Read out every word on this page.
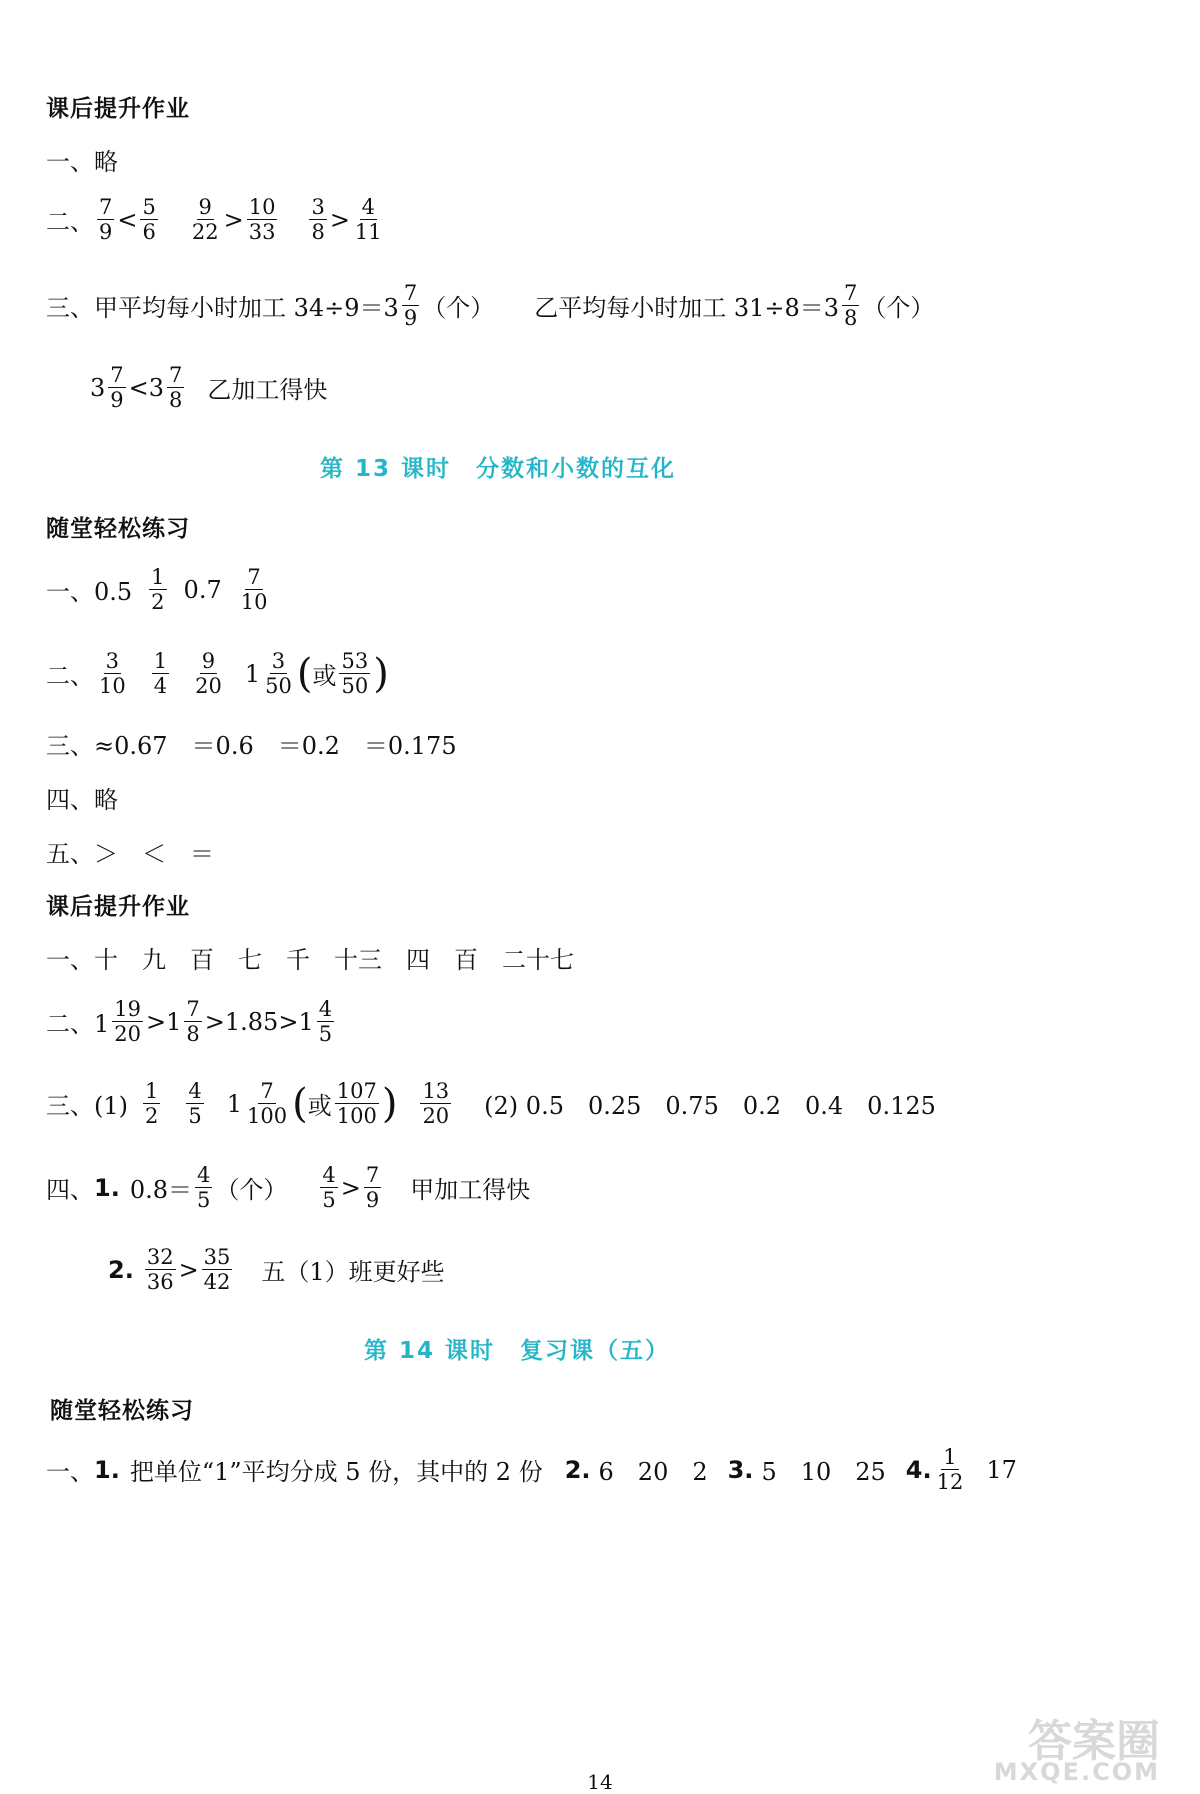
课后提升作业
一、略
二、 $\frac{7}{9} < \frac{5}{6} \frac{9}{22} > \frac{10}{33} \frac{3}{8} > \frac{4}{11}$
三、甲平均每小时加工 $34\div 9=3 \frac{7}{9}$ （个） 乙平均每小时加工 $31\div 8=3 \frac{7}{8}$ （个）
$3 \frac{7}{9} <3 \frac{7}{8}$ 乙加工得快
第 13 课时　分数和小数的互化
随堂轻松练习
一、$0.5 \frac{1}{2} 0.7 \frac{7}{10}$
二、 $\frac{3}{10} \frac{1}{4} \frac{9}{20} 1 \frac{3}{50}$ ( 或 $\frac{53}{50}$ )
三、≈0.67　＝0.6　＝0.2　＝0.175
四、略
五、＞　＜　＝
课后提升作业
一、十　九　百　七　千　十三　四　百　二十七
二、$1 \frac{19}{20} >1 \frac{7}{8} >1.85>1 \frac{4}{5}$
三、$(1) \frac{1}{2} \frac{4}{5} 1 \frac{7}{100}$ ( 或 $\frac{107}{100}$ ) $\frac{13}{20} (2)$ 0.5　0.25　0.75　0.2　0.4　0.125
四、 1. $0.8= \frac{4}{5}$ （个） $\frac{4}{5} > \frac{7}{9}$ 甲加工得快
2. $\frac{32}{36} > \frac{35}{42}$ 五（1）班更好些
第 14 课时　复习课（五）
随堂轻松练习
一、 1. 把单位“1”平均分成 5 份，其中的 2 份 2. 6　20　2 3. 5　10　25 4. $\frac{1}{12} 17$
14
答案圈
MXQE.COM
